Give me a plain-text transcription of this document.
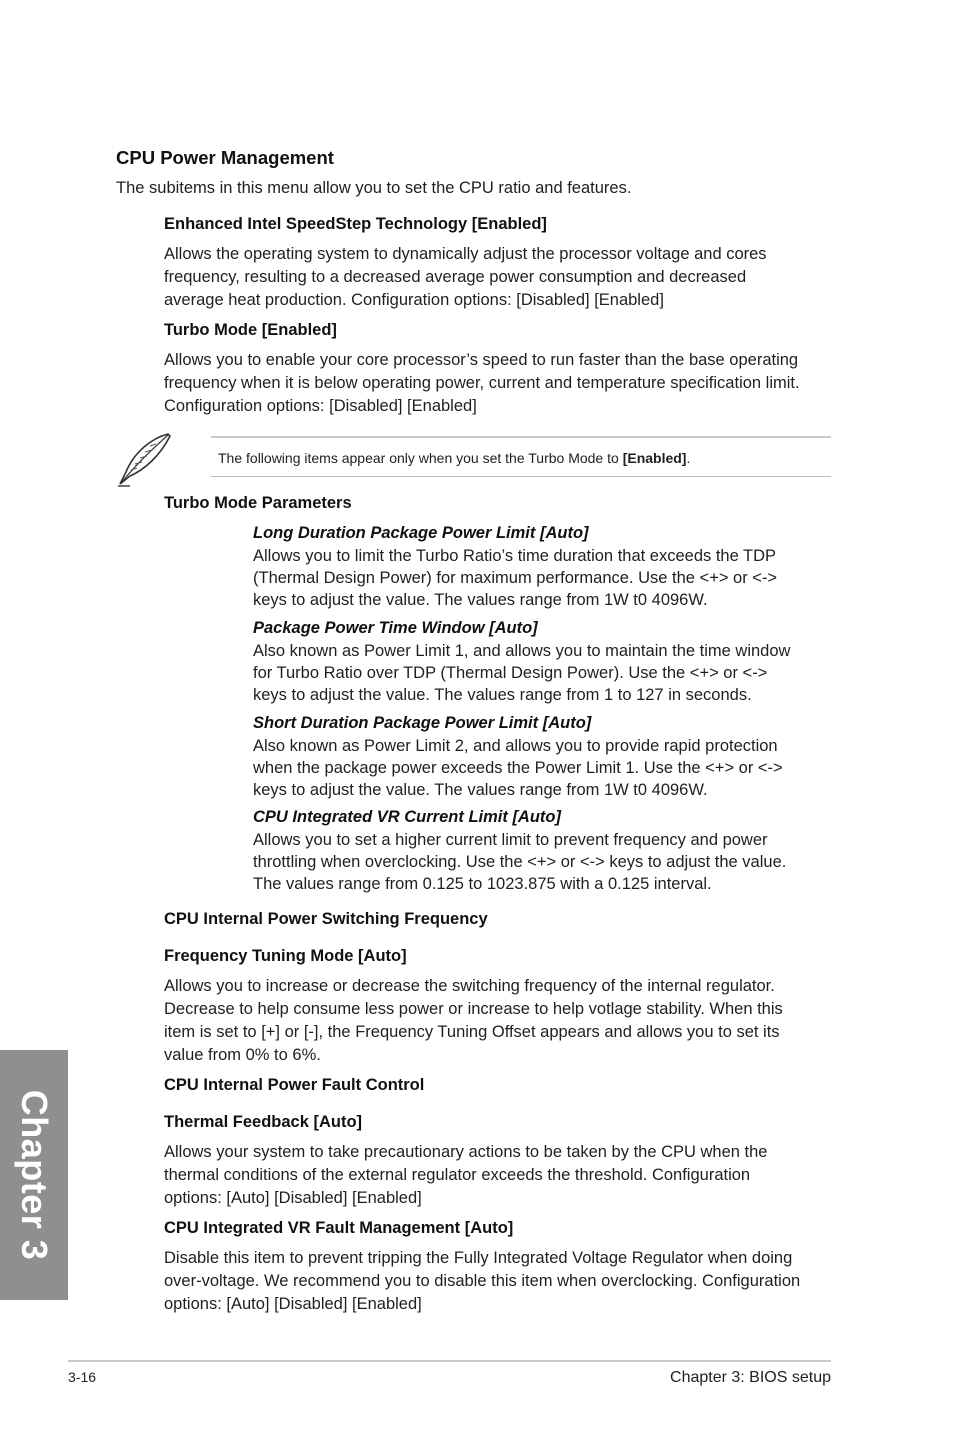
CPU Power Management
The subitems in this menu allow you to set the CPU ratio and features.
Enhanced Intel SpeedStep Technology [Enabled]
Allows the operating system to dynamically adjust the processor voltage and cores
frequency, resulting to a decreased average power consumption and decreased
average heat production. Configuration options: [Disabled] [Enabled]
Turbo Mode [Enabled]
Allows you to enable your core processor’s speed to run faster than the base operating
frequency when it is below operating power, current and temperature specification limit.
Configuration options: [Disabled] [Enabled]
The following items appear only when you set the Turbo Mode to [Enabled].
Turbo Mode Parameters
Long Duration Package Power Limit [Auto]
Allows you to limit the Turbo Ratio’s time duration that exceeds the TDP
(Thermal Design Power) for maximum performance. Use the <+> or <->
keys to adjust the value. The values range from 1W t0 4096W.
Package Power Time Window [Auto]
Also known as Power Limit 1, and allows you to maintain the time window
for Turbo Ratio over TDP (Thermal Design Power). Use the <+> or <->
keys to adjust the value. The values range from 1 to 127 in seconds.
Short Duration Package Power Limit [Auto]
Also known as Power Limit 2, and allows you to provide rapid protection
when the package power exceeds the Power Limit 1. Use the <+> or <->
keys to adjust the value. The values range from 1W t0 4096W.
CPU Integrated VR Current Limit [Auto]
Allows you to set a higher current limit to prevent frequency and power
throttling when overclocking. Use the <+> or <-> keys to adjust the value.
The values range from 0.125 to 1023.875 with a 0.125 interval.
CPU Internal Power Switching Frequency
Frequency Tuning Mode [Auto]
Allows you to increase or decrease the switching frequency of the internal regulator.
Decrease to help consume less power or increase to help votlage stability. When this
item is set to [+] or [-], the Frequency Tuning Offset appears and allows you to set its
value from 0% to 6%.
CPU Internal Power Fault Control
Thermal Feedback [Auto]
Allows your system to take precautionary actions to be taken by the CPU when the
thermal conditions of the external regulator exceeds the threshold. Configuration
options: [Auto] [Disabled] [Enabled]
CPU Integrated VR Fault Management [Auto]
Disable this item to prevent tripping the Fully Integrated Voltage Regulator when doing
over-voltage. We recommend you to disable this item when overclocking. Configuration
options: [Auto] [Disabled] [Enabled]
Chapter 3
3-16	Chapter 3: BIOS setup
